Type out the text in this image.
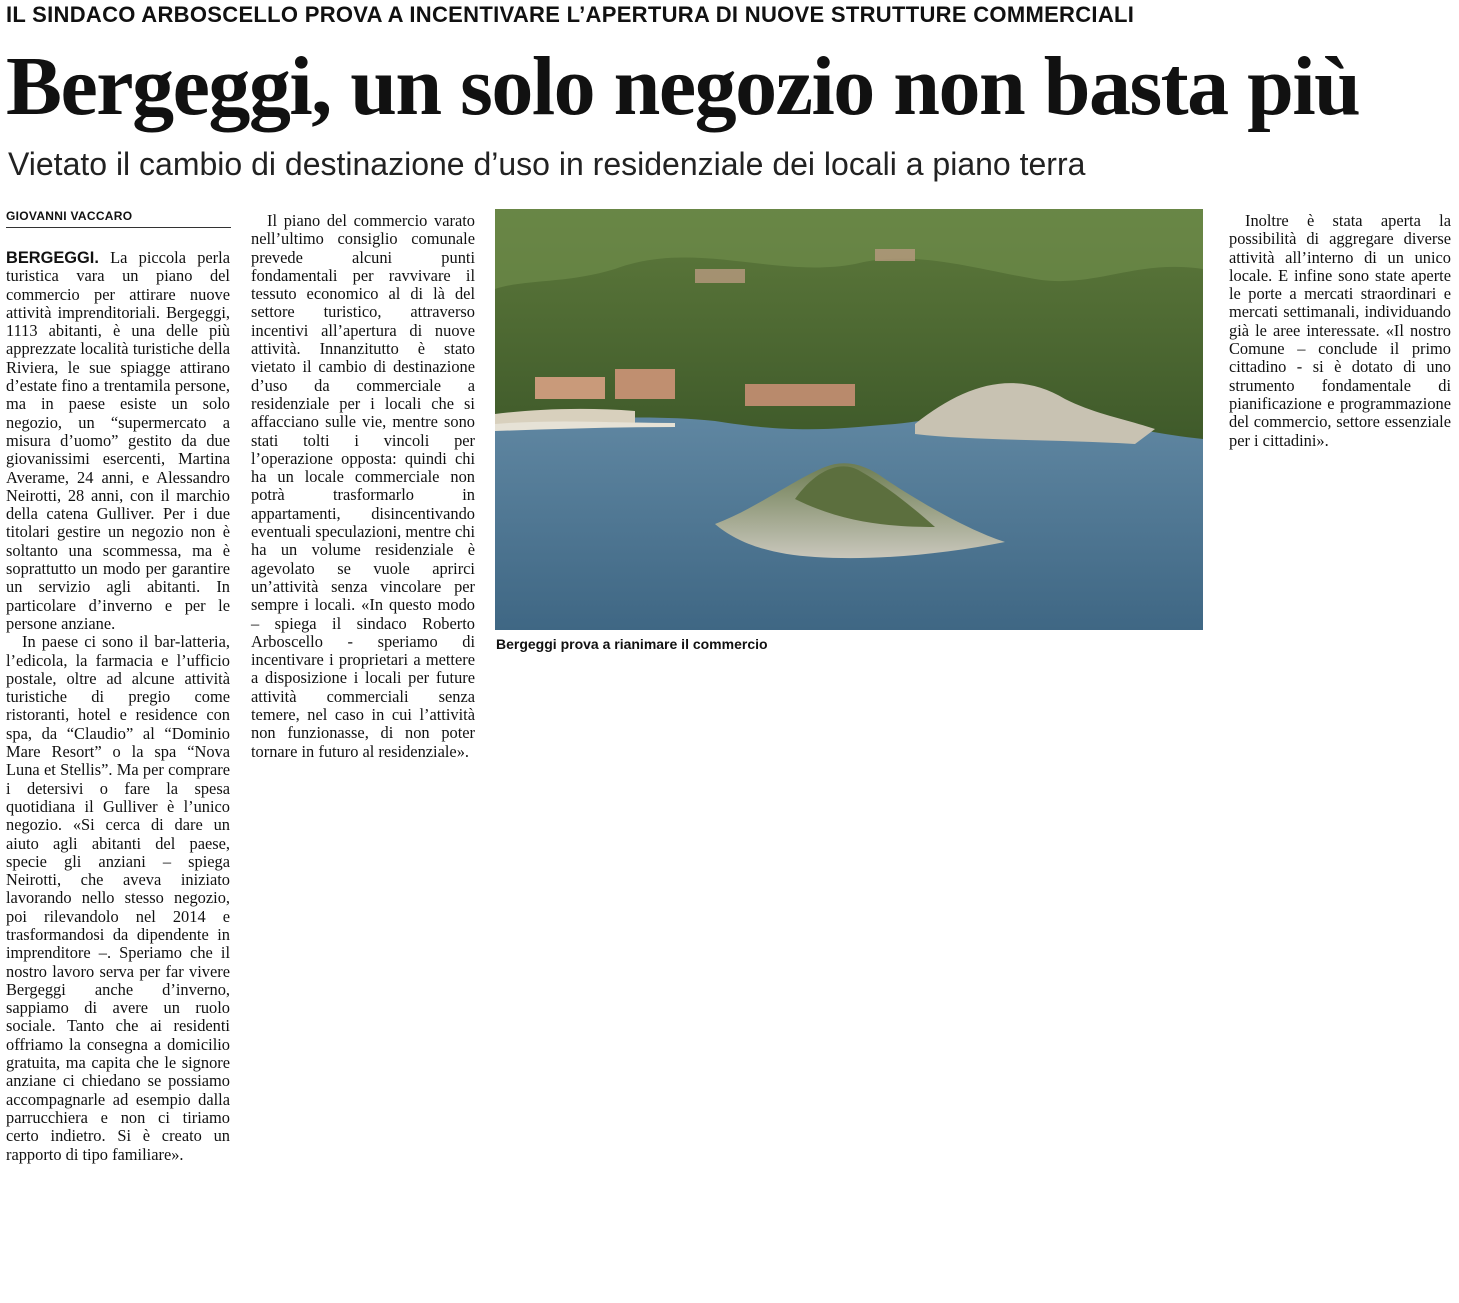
IL SINDACO ARBOSCELLO PROVA A INCENTIVARE L’APERTURA DI NUOVE STRUTTURE COMMERCIALI
Bergeggi, un solo negozio non basta più
Vietato il cambio di destinazione d’uso in residenziale dei locali a piano terra
GIOVANNI VACCARO

BERGEGGI. La piccola perla turistica vara un piano del commercio per attirare nuove attività imprenditoriali. Bergeggi, 1113 abitanti, è una delle più apprezzate località turistiche della Riviera, le sue spiagge attirano d’estate fino a trentamila persone, ma in paese esiste un solo negozio, un “supermercato a misura d’uomo” gestito da due giovanissimi esercenti, Martina Averame, 24 anni, e Alessandro Neirotti, 28 anni, con il marchio della catena Gulliver. Per i due titolari gestire un negozio non è soltanto una scommessa, ma è soprattutto un modo per garantire un servizio agli abitanti. In particolare d’inverno e per le persone anziane.

In paese ci sono il bar-latteria, l’edicola, la farmacia e l’ufficio postale, oltre ad alcune attività turistiche di pregio come ristoranti, hotel e residence con spa, da “Claudio” al “Dominio Mare Resort” o la spa “Nova Luna et Stellis”. Ma per comprare i detersivi o fare la spesa quotidiana il Gulliver è l’unico negozio. «Si cerca di dare un aiuto agli abitanti del paese, specie gli anziani – spiega Neirotti, che aveva iniziato lavorando nello stesso negozio, poi rilevandolo nel 2014 e trasformandosi da dipendente in imprenditore –. Speriamo che il nostro lavoro serva per far vivere Bergeggi anche d’inverno, sappiamo di avere un ruolo sociale. Tanto che ai residenti offriamo la consegna a domicilio gratuita, ma capita che le signore anziane ci chiedano se possiamo accompagnarle ad esempio dalla parrucchiera e non ci tiriamo certo indietro. Si è creato un rapporto di tipo familiare».

Il piano del commercio varato nell’ultimo consiglio comunale prevede alcuni punti fondamentali per ravvivare il tessuto economico al di là del settore turistico, attraverso incentivi all’apertura di nuove attività. Innanzitutto è stato vietato il cambio di destinazione d’uso da commerciale a residenziale per i locali che si affacciano sulle vie, mentre sono stati tolti i vincoli per l’operazione opposta: quindi chi ha un locale commerciale non potrà trasformarlo in appartamenti, disincentivando eventuali speculazioni, mentre chi ha un volume residenziale è agevolato se vuole aprirci un’attività senza vincolare per sempre i locali. «In questo modo – spiega il sindaco Roberto Arboscello - speriamo di incentivare i proprietari a mettere a disposizione i locali per future attività commerciali senza temere, nel caso in cui l’attività non funzionasse, di non poter tornare in futuro al residenziale».

Bergeggi prova a rianimare il commercio

Inoltre è stata aperta la possibilità di aggregare diverse attività all’interno di un unico locale. E infine sono state aperte le porte a mercati straordinari e mercati settimanali, individuando già le aree interessate. «Il nostro Comune – conclude il primo cittadino - si è dotato di uno strumento fondamentale di pianificazione e programmazione del commercio, settore essenziale per i cittadini».
